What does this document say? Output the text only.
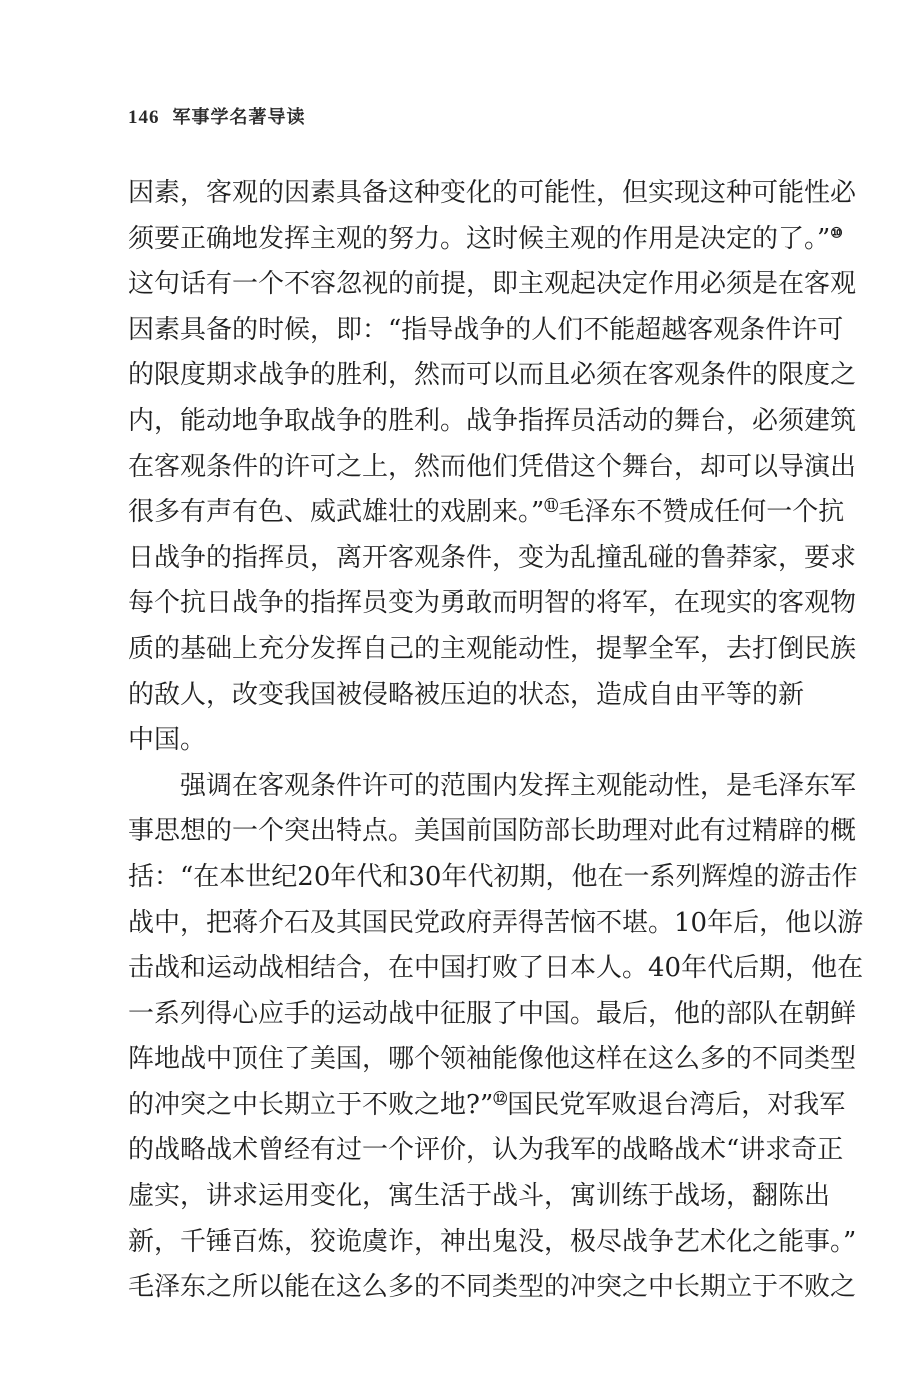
146 军事学名著导读
因素，客观的因素具备这种变化的可能性，但实现这种可能性必
须要正确地发挥主观的努力。这时候主观的作用是决定的了。”⑩
这句话有一个不容忽视的前提，即主观起决定作用必须是在客观
因素具备的时候，即：“指导战争的人们不能超越客观条件许可
的限度期求战争的胜利，然而可以而且必须在客观条件的限度之
内，能动地争取战争的胜利。战争指挥员活动的舞台，必须建筑
在客观条件的许可之上，然而他们凭借这个舞台，却可以导演出
很多有声有色、威武雄壮的戏剧来。”⑪毛泽东不赞成任何一个抗
日战争的指挥员，离开客观条件，变为乱撞乱碰的鲁莽家，要求
每个抗日战争的指挥员变为勇敢而明智的将军，在现实的客观物
质的基础上充分发挥自己的主观能动性，提挈全军，去打倒民族
的敌人，改变我国被侵略被压迫的状态，造成自由平等的新
中国。
强调在客观条件许可的范围内发挥主观能动性，是毛泽东军
事思想的一个突出特点。美国前国防部长助理对此有过精辟的概
括：“在本世纪20年代和30年代初期，他在一系列辉煌的游击作
战中，把蒋介石及其国民党政府弄得苦恼不堪。10年后，他以游
击战和运动战相结合，在中国打败了日本人。40年代后期，他在
一系列得心应手的运动战中征服了中国。最后，他的部队在朝鲜
阵地战中顶住了美国，哪个领袖能像他这样在这么多的不同类型
的冲突之中长期立于不败之地?”⑫国民党军败退台湾后，对我军
的战略战术曾经有过一个评价，认为我军的战略战术“讲求奇正
虚实，讲求运用变化，寓生活于战斗，寓训练于战场，翻陈出
新，千锤百炼，狡诡虞诈，神出鬼没，极尽战争艺术化之能事。”
毛泽东之所以能在这么多的不同类型的冲突之中长期立于不败之
